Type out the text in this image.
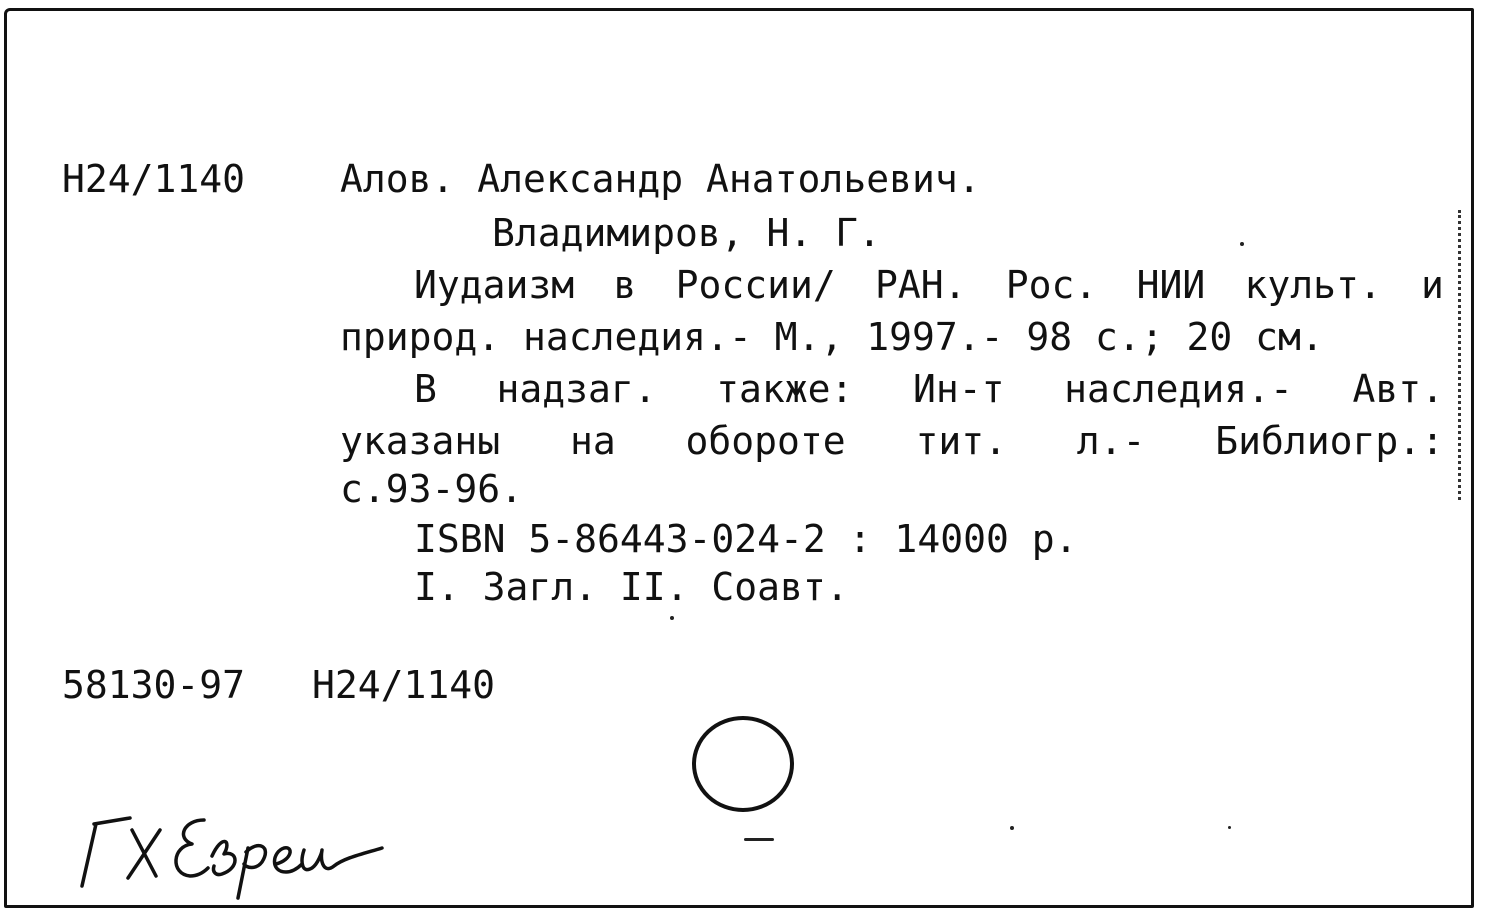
Н24/1140 Алов. Александр Анатольевич.
Владимиров, Н. Г.
Иудаизм в России/ РАН. Рос. НИИ культ. и
природ. наследия.- М., 1997.- 98 с.; 20 см.
В надзаг. также: Ин-т наследия.- Авт.
указаны на обороте тит. л.- Библиогр.:
с.93-96.
ISBN 5-86443-024-2 : 14000 р.
I. Загл. II. Соавт.
58130-97 Н24/1140
